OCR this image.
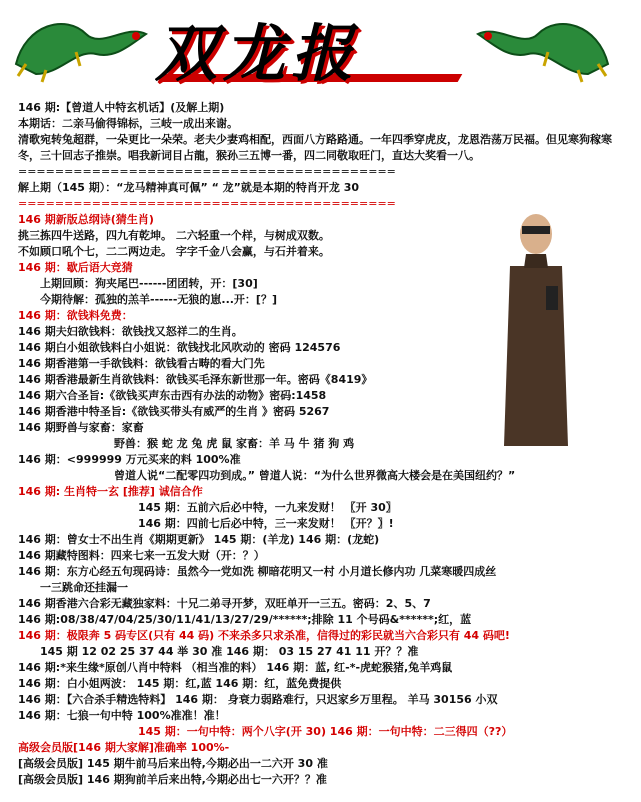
双龙报
146 期:【曾道人中特玄机话】(及解上期)
本期话：二亲马偷得锦标，三岐一成出来谢。
清歌宛转兔超群，一朵更比一朵荣。老夫少妻鸡相配，西面八方路路通。一年四季穿虎皮，龙恩浩荡万民福。但见寒狗稼寒冬，三十回志子推崇。唱我新词目占龍，猴孙三五博一番，四二同敬取旺门，直达大奖看一八。
=========================================
解上期（145 期）：“龙马精神真可佩” “ 龙”就是本期的特肖开龙 30
=========================================
146 期新版总纲诗(猜生肖)
挑三拣四牛送路，四九有乾坤。 二六轻重一个样，与树成双数。
不如顾口吼个七，二二两边走。 字字千金八会赢，与石并着来。
146 期：歇后语大竞猜
上期回顾：狗夹尾巴------团团转，开：[30]
今期待解：孤独的羔羊------无狼的崽...开：[？]
146 期：欲钱料免费：
146 期夫妇欲钱料：欲钱找又怒祥二的生肖。
146 期白小姐欲钱料白小姐说：欲钱找北风吹动的 密码 124576
146 期香港第一手欲钱料：欲钱看古畴的看大门先
146 期香港最新生肖欲钱料：欲钱买毛泽东新世那一年。密码《8419》
146 期六合圣旨:《欲钱买声东击西有办法的动物》密码:1458
146 期香港中特圣旨:《欲钱买带头有威严的生肖 》密码 5267
146 期野兽与家畜：家畜
野兽：猴 蛇 龙 兔 虎 鼠 家畜：羊 马 牛 猪 狗 鸡
146 期：<999999 万元买来的料 100%准
曾道人说“二配零四功到成。” 曾道人说：“为什么世界微高大楼会是在美国纽约？”
146 期: 生肖特一玄 [推荐] 诚信合作
145 期：五前六后必中特，一九来发财！ 〖开 30〗
146 期：四前七后必中特，三一来发财！ 〖开？〗!
146 期：曾女士不出生肖《期期更新》 145 期：(羊龙) 146 期：(龙蛇)
146 期藏特图料：四来七来一五发大财（开：？）
146 期：东方心经五句现码诗：虽然今一党如洗 柳暗花明又一村 小月道长修内功 几菜寒暖四成丝
一三跳命还挂漏一
146 期香港六合彩无藏独家料：十兄二弟寻开梦，双旺单开一三五。密码：2、5、7
146 期:08/38/47/04/25/30/11/41/13/27/29/******;排除 11 个号码&******;红，蓝
146 期：极限奔 5 码专区(只有 44 码) 不来杀多只求杀准，信得过的彩民就当六合彩只有 44 码吧!
145 期 12 02 25 37 44 举 30 准 146 期： 03 15 27 41 11 开？？准
146 期:*来生缘*原创八肖中特料 （相当准的料） 146 期：蓝, 红-*-虎蛇猴猪,兔羊鸡鼠
146 期：白小姐两波： 145 期：红,蓝 146 期：红，蓝免费提供
146 期：【六合杀手精选特料】 146 期： 身衰力弱路难行，只迟家乡万里程。 羊马 30156 小双
146 期：七狼一句中特 100%准准！准！
145 期：一句中特：两个八字(开 30) 146 期：一句中特：二三得四（??）
高级会员版[146 期大家解]准确率 100%-
[高级会员版] 145 期牛前马后来出特,今期必出一二六开 30 准
[高级会员版] 146 期狗前羊后来出特,今期必出七一六开？？准
